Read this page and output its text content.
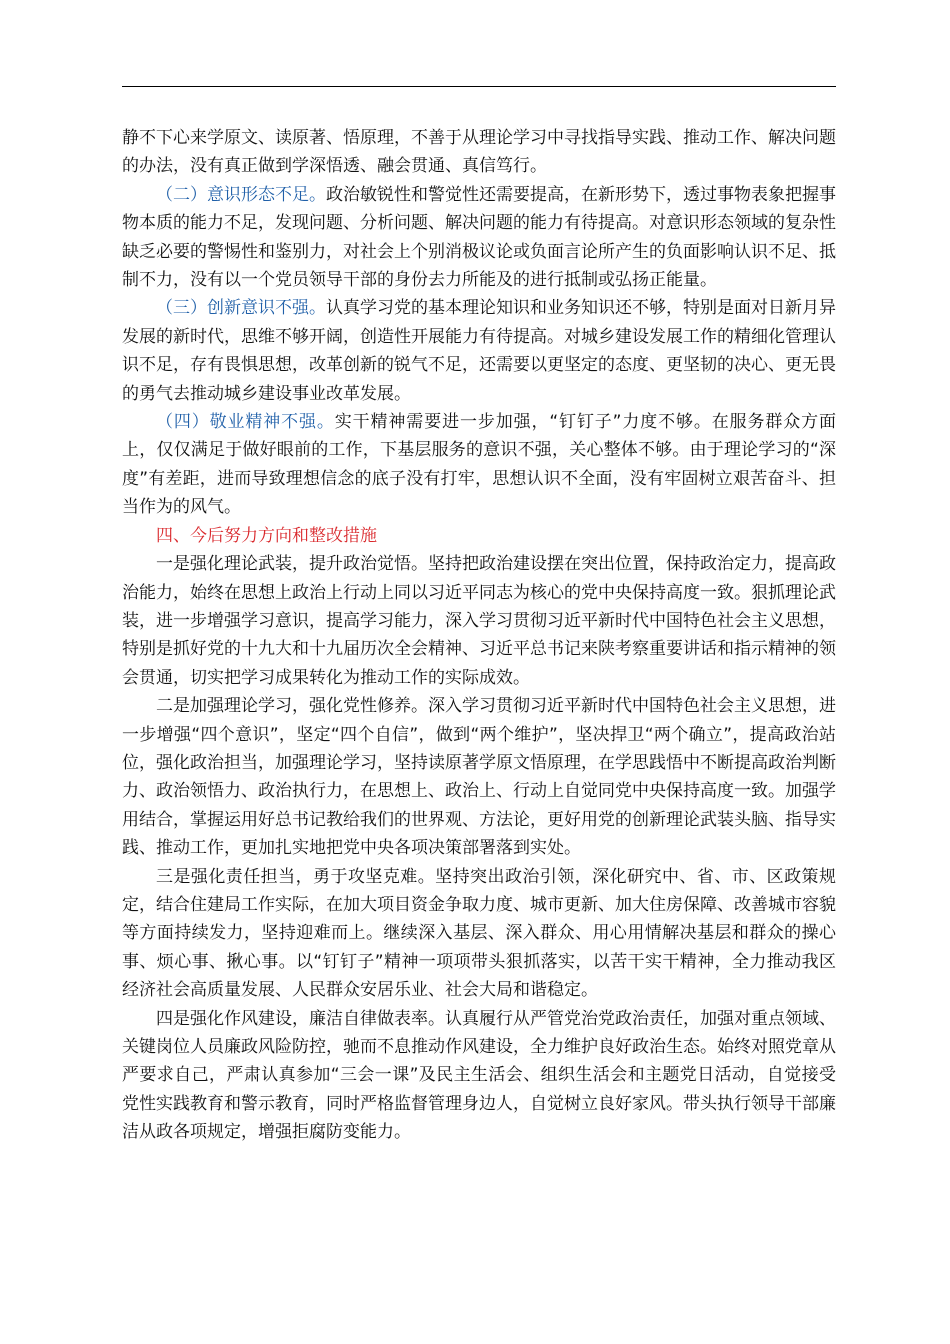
静不下心来学原文、读原著、悟原理，不善于从理论学习中寻找指导实践、推动工作、解决问题的办法，没有真正做到学深悟透、融会贯通、真信笃行。

（二）意识形态不足。政治敏锐性和警觉性还需要提高，在新形势下，透过事物表象把握事物本质的能力不足，发现问题、分析问题、解决问题的能力有待提高。对意识形态领域的复杂性缺乏必要的警惕性和鉴别力，对社会上个别消极议论或负面言论所产生的负面影响认识不足、抵制不力，没有以一个党员领导干部的身份去力所能及的进行抵制或弘扬正能量。

（三）创新意识不强。认真学习党的基本理论知识和业务知识还不够，特别是面对日新月异发展的新时代，思维不够开阔，创造性开展能力有待提高。对城乡建设发展工作的精细化管理认识不足，存有畏惧思想，改革创新的锐气不足，还需要以更坚定的态度、更坚韧的决心、更无畏的勇气去推动城乡建设事业改革发展。

（四）敬业精神不强。实干精神需要进一步加强，“钉钉子”力度不够。在服务群众方面上，仅仅满足于做好眼前的工作，下基层服务的意识不强，关心整体不够。由于理论学习的“深度”有差距，进而导致理想信念的底子没有打牢，思想认识不全面，没有牢固树立艰苦奋斗、担当作为的风气。

四、今后努力方向和整改措施

一是强化理论武装，提升政治觉悟。坚持把政治建设摆在突出位置，保持政治定力，提高政治能力，始终在思想上政治上行动上同以习近平同志为核心的党中央保持高度一致。狠抓理论武装，进一步增强学习意识，提高学习能力，深入学习贯彻习近平新时代中国特色社会主义思想，特别是抓好党的十九大和十九届历次全会精神、习近平总书记来陕考察重要讲话和指示精神的领会贯通，切实把学习成果转化为推动工作的实际成效。

二是加强理论学习，强化党性修养。深入学习贯彻习近平新时代中国特色社会主义思想，进一步增强“四个意识”，坚定“四个自信”，做到“两个维护”，坚决捍卫“两个确立”，提高政治站位，强化政治担当，加强理论学习，坚持读原著学原文悟原理，在学思践悟中不断提高政治判断力、政治领悟力、政治执行力，在思想上、政治上、行动上自觉同党中央保持高度一致。加强学用结合，掌握运用好总书记教给我们的世界观、方法论，更好用党的创新理论武装头脑、指导实践、推动工作，更加扎实地把党中央各项决策部署落到实处。

三是强化责任担当，勇于攻坚克难。坚持突出政治引领，深化研究中、省、市、区政策规定，结合住建局工作实际，在加大项目资金争取力度、城市更新、加大住房保障、改善城市容貌等方面持续发力，坚持迎难而上。继续深入基层、深入群众、用心用情解决基层和群众的操心事、烦心事、揪心事。以“钉钉子”精神一项项带头狠抓落实，以苦干实干精神，全力推动我区经济社会高质量发展、人民群众安居乐业、社会大局和谐稳定。

四是强化作风建设，廉洁自律做表率。认真履行从严管党治党政治责任，加强对重点领域、关键岗位人员廉政风险防控，驰而不息推动作风建设，全力维护良好政治生态。始终对照党章从严要求自己，严肃认真参加“三会一课”及民主生活会、组织生活会和主题党日活动，自觉接受党性实践教育和警示教育，同时严格监督管理身边人，自觉树立良好家风。带头执行领导干部廉洁从政各项规定，增强拒腐防变能力。
